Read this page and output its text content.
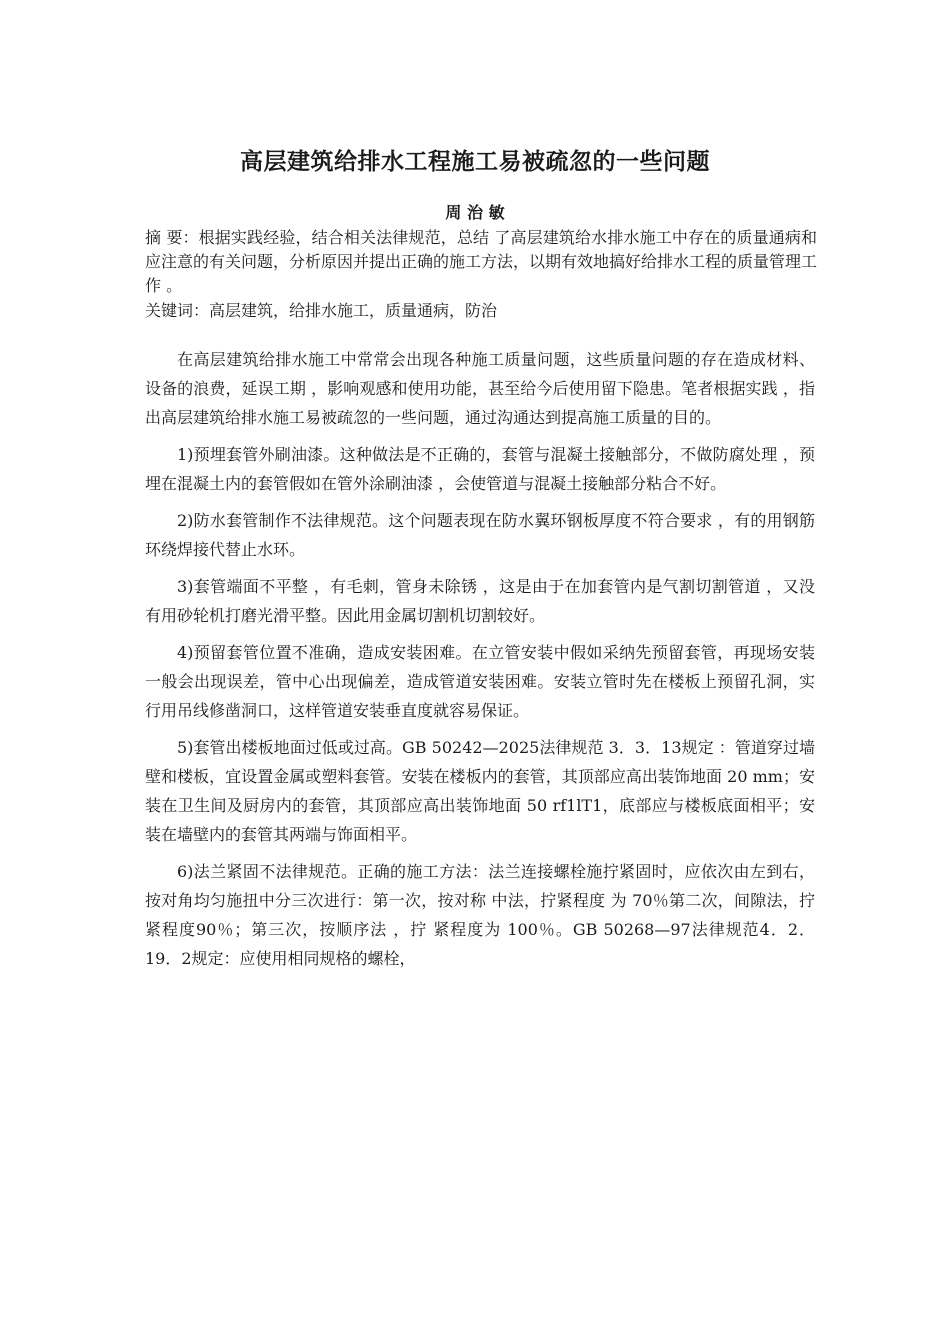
高层建筑给排水工程施工易被疏忽的一些问题
周 治 敏
摘 要：根据实践经验，结合相关法律规范，总结 了高层建筑给水排水施工中存在的质量通病和应注意的有关问题，分析原因并提出正确的施工方法，以期有效地搞好给排水工程的质量管理工作 。
关键词：高层建筑，给排水施工，质量通病，防治

在高层建筑给排水施工中常常会出现各种施工质量问题，这些质量问题的存在造成材料、设备的浪费，延误工期 ，影响观感和使用功能，甚至给今后使用留下隐患。笔者根据实践 ，指出高层建筑给排水施工易被疏忽的一些问题，通过沟通达到提高施工质量的目的。

1)预埋套管外刷油漆。这种做法是不正确的，套管与混凝土接触部分，不做防腐处理 ，预埋在混凝土内的套管假如在管外涂刷油漆 ，会使管道与混凝土接触部分粘合不好。

2)防水套管制作不法律规范。这个问题表现在防水翼环钢板厚度不符合要求 ，有的用钢筋环绕焊接代替止水环。

3)套管端面不平整 ，有毛刺，管身未除锈 ，这是由于在加套管内是气割切割管道 ，又没有用砂轮机打磨光滑平整。因此用金属切割机切割较好。

4)预留套管位置不准确，造成安装困难。在立管安装中假如采纳先预留套管，再现场安装一般会出现误差，管中心出现偏差，造成管道安装困难。安装立管时先在楼板上预留孔洞，实行用吊线修凿洞口，这样管道安装垂直度就容易保证。

5)套管出楼板地面过低或过高。GB 50242—2025法律规范 3．3．13规定 ：管道穿过墙壁和楼板，宜设置金属或塑料套管。安装在楼板内的套管，其顶部应高出装饰地面 20 mm；安装在卫生间及厨房内的套管，其顶部应高出装饰地面 50 rf1lT1，底部应与楼板底面相平；安装在墙壁内的套管其两端与饰面相平。

6)法兰紧固不法律规范。正确的施工方法：法兰连接螺栓施拧紧固时，应依次由左到右，按对角均匀施扭中分三次进行：第一次，按对称 中法，拧紧程度 为 70％第二次，间隙法，拧紧程度90％；第三次，按顺序法 ，拧 紧程度为 100％。GB 50268—97法律规范4．2．19．2规定：应使用相同规格的螺栓，
